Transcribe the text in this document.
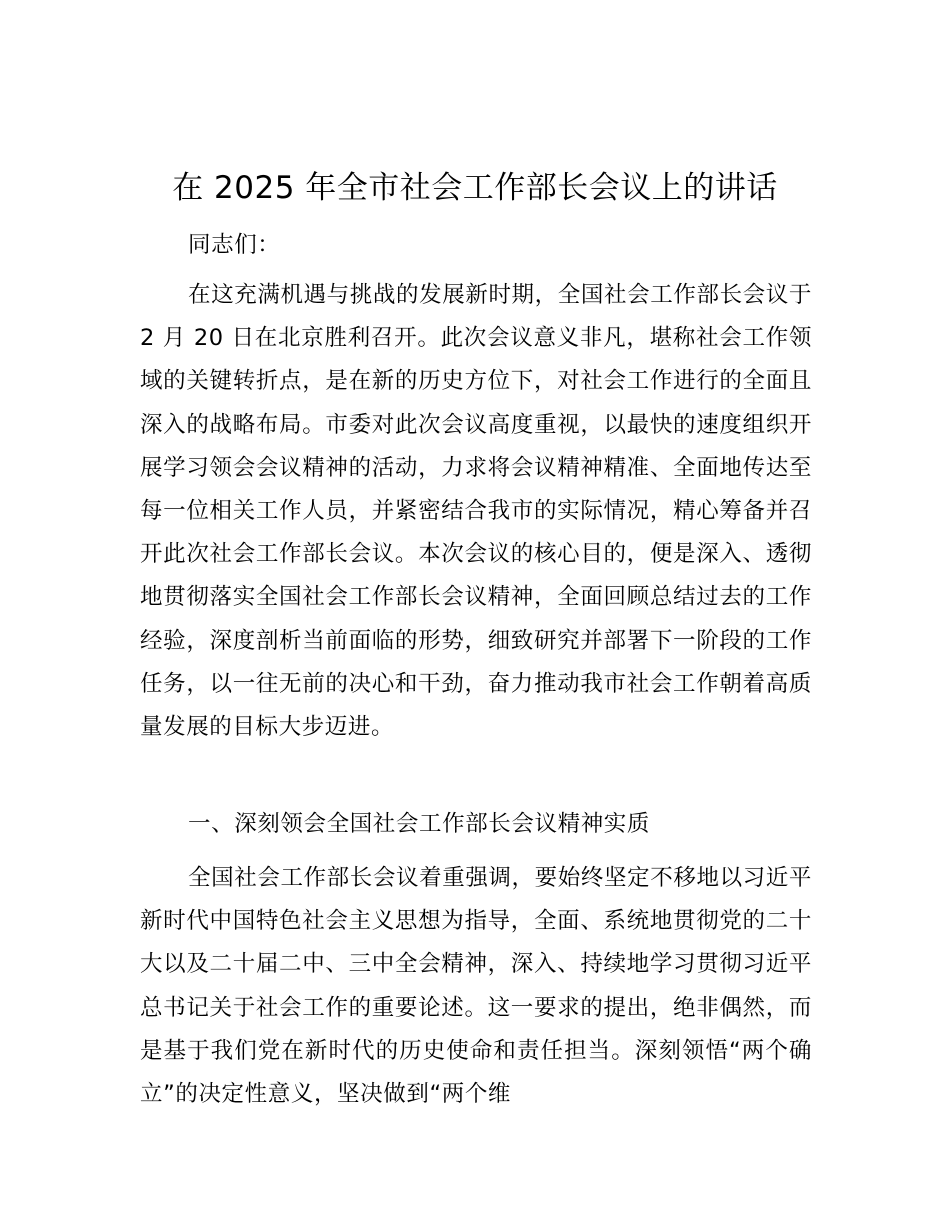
在 2025 年全市社会工作部长会议上的讲话

同志们：

在这充满机遇与挑战的发展新时期，全国社会工作部长会议于 2 月 20 日在北京胜利召开。此次会议意义非凡，堪称社会工作领域的关键转折点，是在新的历史方位下，对社会工作进行的全面且深入的战略布局。市委对此次会议高度重视，以最快的速度组织开展学习领会会议精神的活动，力求将会议精神精准、全面地传达至每一位相关工作人员，并紧密结合我市的实际情况，精心筹备并召开此次社会工作部长会议。本次会议的核心目的，便是深入、透彻地贯彻落实全国社会工作部长会议精神，全面回顾总结过去的工作经验，深度剖析当前面临的形势，细致研究并部署下一阶段的工作任务，以一往无前的决心和干劲，奋力推动我市社会工作朝着高质量发展的目标大步迈进。

一、深刻领会全国社会工作部长会议精神实质

全国社会工作部长会议着重强调，要始终坚定不移地以习近平新时代中国特色社会主义思想为指导，全面、系统地贯彻党的二十大以及二十届二中、三中全会精神，深入、持续地学习贯彻习近平总书记关于社会工作的重要论述。这一要求的提出，绝非偶然，而是基于我们党在新时代的历史使命和责任担当。深刻领悟“两个确立”的决定性意义，坚决做到“两个维
